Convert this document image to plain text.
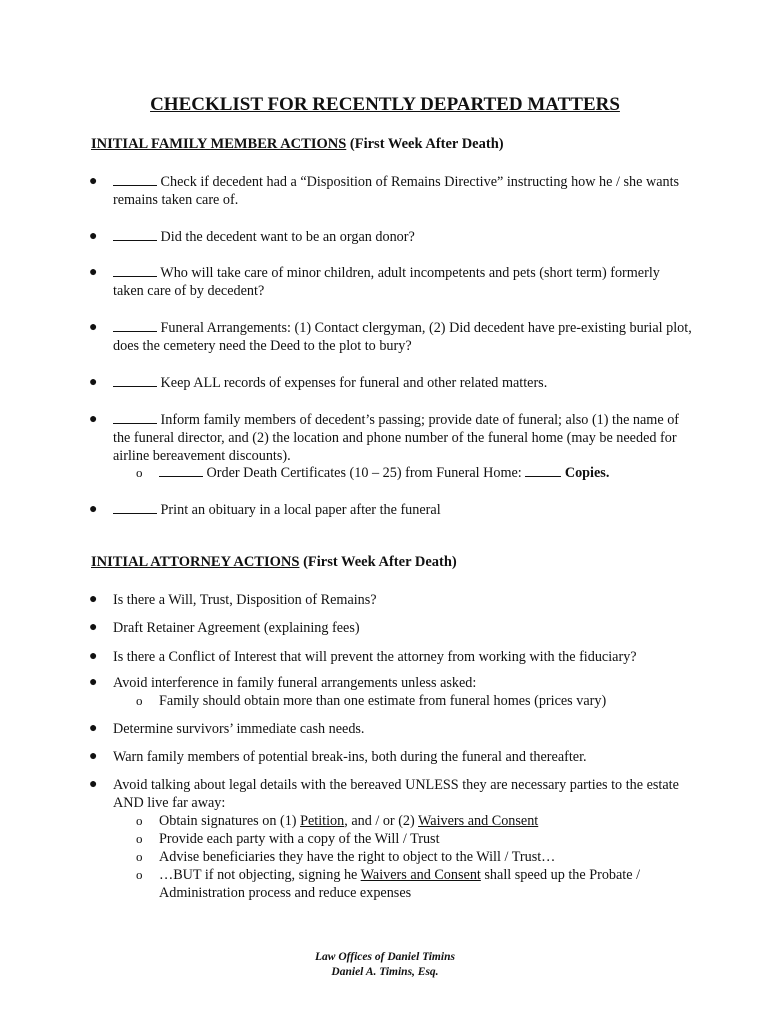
CHECKLIST FOR RECENTLY DEPARTED MATTERS
INITIAL FAMILY MEMBER ACTIONS (First Week After Death)
●	Check if decedent had a “Disposition of Remains Directive” instructing how he / she wants remains taken care of.
●	Did the decedent want to be an organ donor?
●	Who will take care of minor children, adult incompetents and pets (short term) formerly taken care of by decedent?
●	Funeral Arrangements: (1) Contact clergyman, (2) Did decedent have pre-existing burial plot, does the cemetery need the Deed to the plot to bury?
●	Keep ALL records of expenses for funeral and other related matters.
●	Inform family members of decedent’s passing; provide date of funeral; also (1) the name of the funeral director, and (2) the location and phone number of the funeral home (may be needed for airline bereavement discounts).
o	Order Death Certificates (10 – 25) from Funeral Home:	Copies.
●	Print an obituary in a local paper after the funeral
INITIAL ATTORNEY ACTIONS (First Week After Death)
● Is there a Will, Trust, Disposition of Remains?
● Draft Retainer Agreement (explaining fees)
● Is there a Conflict of Interest that will prevent the attorney from working with the fiduciary?
● Avoid interference in family funeral arrangements unless asked:
o Family should obtain more than one estimate from funeral homes (prices vary)
● Determine survivors’ immediate cash needs.
● Warn family members of potential break-ins, both during the funeral and thereafter.
● Avoid talking about legal details with the bereaved UNLESS they are necessary parties to the estate AND live far away:
o Obtain signatures on (1) Petition, and / or (2) Waivers and Consent
o Provide each party with a copy of the Will / Trust
o Advise beneficiaries they have the right to object to the Will / Trust…
o …BUT if not objecting, signing he Waivers and Consent shall speed up the Probate / Administration process and reduce expenses
Law Offices of Daniel Timins
Daniel A. Timins, Esq.
